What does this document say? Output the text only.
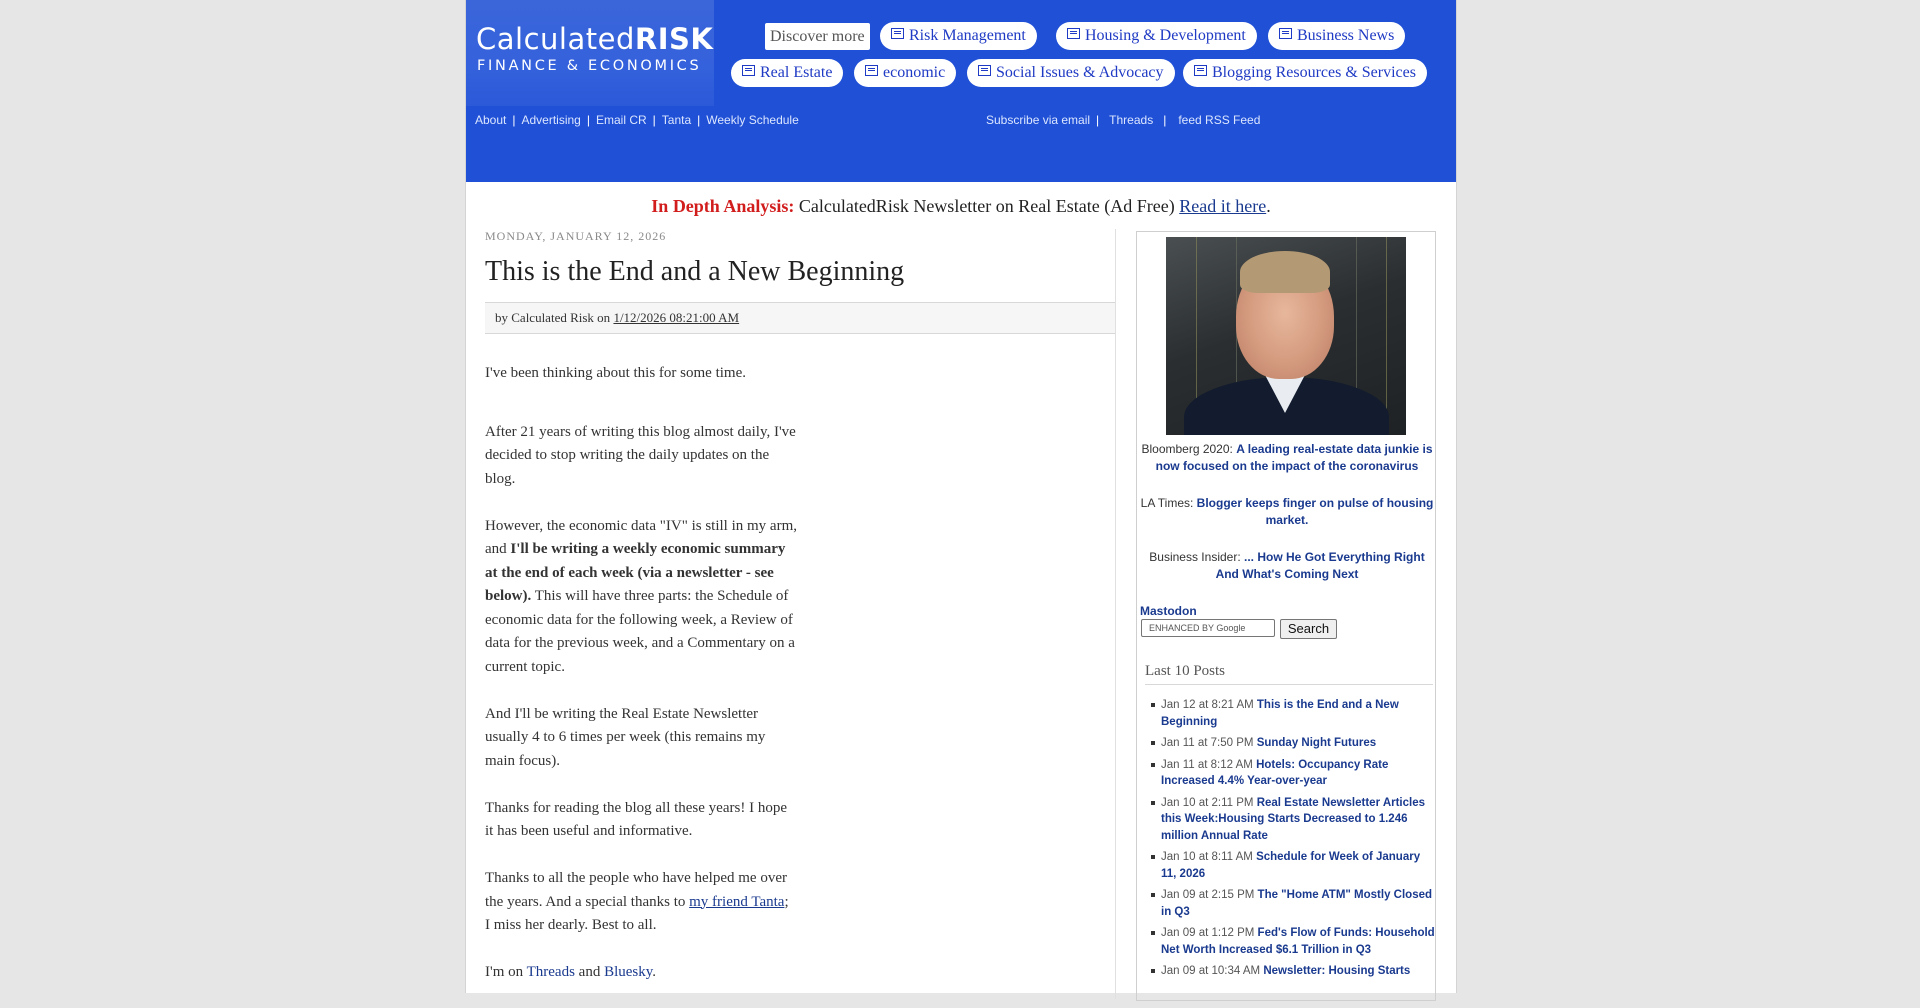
CalculatedRISK
FINANCE & ECONOMICS
Discover more	Risk Management	Housing & Development	Business News
Real Estate	economic	Social Issues & Advocacy	Blogging Resources & Services
About | Advertising | Email CR | Tanta | Weekly Schedule	Subscribe via email | Threads | feed RSS Feed
In Depth Analysis: CalculatedRisk Newsletter on Real Estate (Ad Free) Read it here.
MONDAY, JANUARY 12, 2026
This is the End and a New Beginning
by Calculated Risk on 1/12/2026 08:21:00 AM

I've been thinking about this for some time.

After 21 years of writing this blog almost daily, I've decided to stop writing the daily updates on the blog.

However, the economic data "IV" is still in my arm, and I'll be writing a weekly economic summary at the end of each week (via a newsletter - see below). This will have three parts: the Schedule of economic data for the following week, a Review of data for the previous week, and a Commentary on a current topic.

And I'll be writing the Real Estate Newsletter usually 4 to 6 times per week (this remains my main focus).

Thanks for reading the blog all these years! I hope it has been useful and informative.

Thanks to all the people who have helped me over the years. And a special thanks to my friend Tanta; I miss her dearly. Best to all.

I'm on Threads and Bluesky.

Bloomberg 2020: A leading real-estate data junkie is now focused on the impact of the coronavirus
LA Times: Blogger keeps finger on pulse of housing market.
Business Insider: ... How He Got Everything Right And What's Coming Next
Mastodon
ENHANCED BY Google	Search
Last 10 Posts
Jan 12 at 8:21 AM This is the End and a New Beginning
Jan 11 at 7:50 PM Sunday Night Futures
Jan 11 at 8:12 AM Hotels: Occupancy Rate Increased 4.4% Year-over-year
Jan 10 at 2:11 PM Real Estate Newsletter Articles this Week:Housing Starts Decreased to 1.246 million Annual Rate
Jan 10 at 8:11 AM Schedule for Week of January 11, 2026
Jan 09 at 2:15 PM The "Home ATM" Mostly Closed in Q3
Jan 09 at 1:12 PM Fed's Flow of Funds: Household Net Worth Increased $6.1 Trillion in Q3
Jan 09 at 10:34 AM Newsletter: Housing Starts
